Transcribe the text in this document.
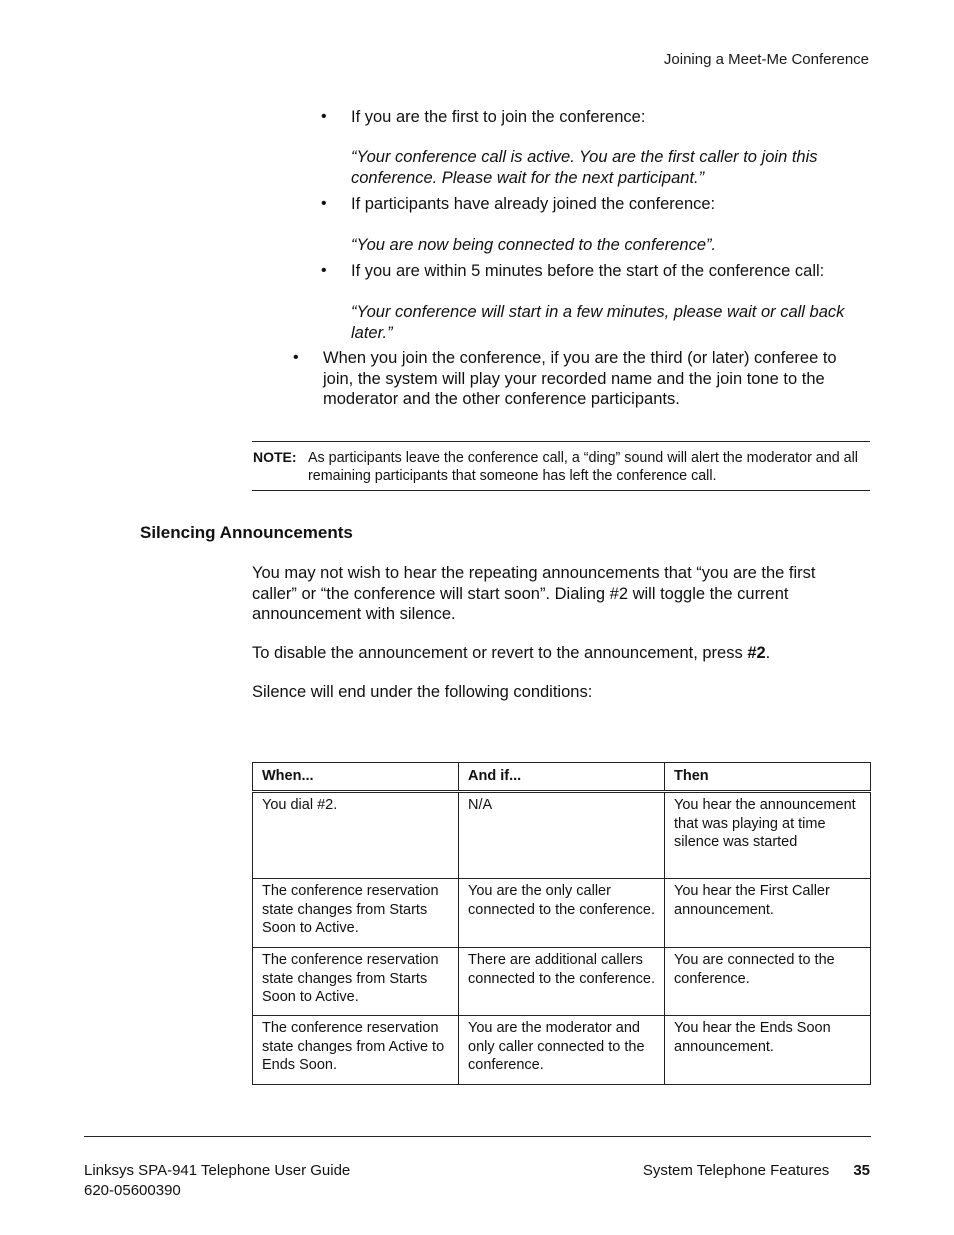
Joining a Meet-Me Conference
• If you are the first to join the conference:
“Your conference call is active. You are the first caller to join this conference. Please wait for the next participant.”
• If participants have already joined the conference:
“You are now being connected to the conference”.
• If you are within 5 minutes before the start of the conference call:
“Your conference will start in a few minutes, please wait or call back later.”
• When you join the conference, if you are the third (or later) conferee to join, the system will play your recorded name and the join tone to the moderator and the other conference participants.
NOTE: As participants leave the conference call, a “ding” sound will alert the moderator and all remaining participants that someone has left the conference call.
Silencing Announcements
You may not wish to hear the repeating announcements that “you are the first caller” or “the conference will start soon”. Dialing #2 will toggle the current announcement with silence.
To disable the announcement or revert to the announcement, press #2.
Silence will end under the following conditions:
When...	And if...	Then
You dial #2.	N/A	You hear the announcement that was playing at time silence was started
The conference reservation state changes from Starts Soon to Active.	You are the only caller connected to the conference.	You hear the First Caller announcement.
The conference reservation state changes from Starts Soon to Active.	There are additional callers connected to the conference.	You are connected to the conference.
The conference reservation state changes from Active to Ends Soon.	You are the moderator and only caller connected to the conference.	You hear the Ends Soon announcement.
Linksys SPA-941 Telephone User Guide
620-05600390
System Telephone Features 35
